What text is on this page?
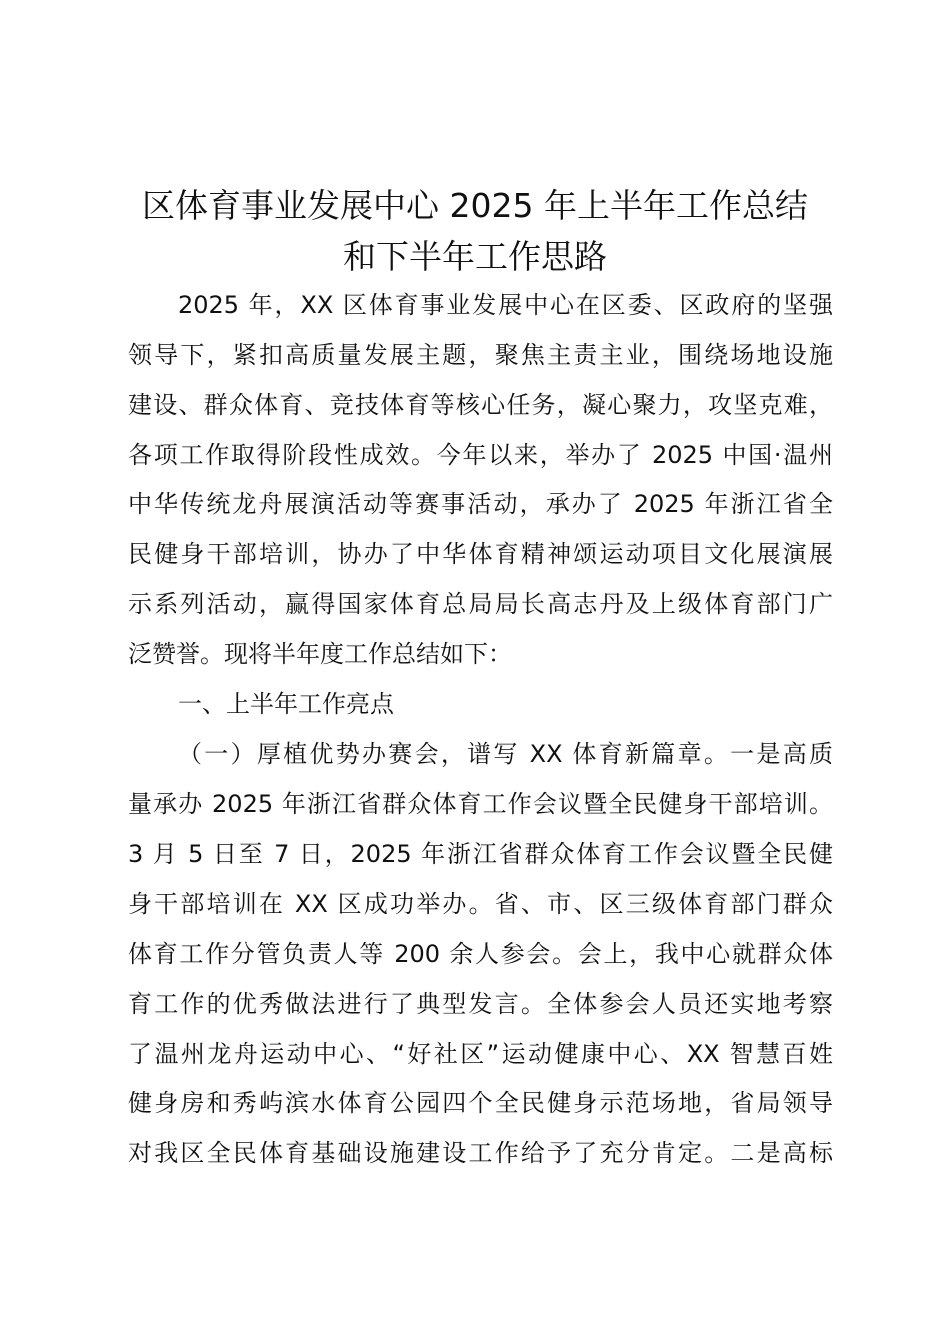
区体育事业发展中心 2025 年上半年工作总结
和下半年工作思路

2025 年，XX 区体育事业发展中心在区委、区政府的坚强

领导下，紧扣高质量发展主题，聚焦主责主业，围绕场地设施

建设、群众体育、竞技体育等核心任务，凝心聚力，攻坚克难，

各项工作取得阶段性成效。今年以来，举办了 2025 中国·温州

中华传统龙舟展演活动等赛事活动，承办了 2025 年浙江省全

民健身干部培训，协办了中华体育精神颂运动项目文化展演展

示系列活动，赢得国家体育总局局长高志丹及上级体育部门广

泛赞誉。现将半年度工作总结如下：

一、上半年工作亮点

（一）厚植优势办赛会，谱写 XX 体育新篇章。一是高质

量承办 2025 年浙江省群众体育工作会议暨全民健身干部培训。

3 月 5 日至 7 日，2025 年浙江省群众体育工作会议暨全民健

身干部培训在 XX 区成功举办。省、市、区三级体育部门群众

体育工作分管负责人等 200 余人参会。会上，我中心就群众体

育工作的优秀做法进行了典型发言。全体参会人员还实地考察

了温州龙舟运动中心、“好社区”运动健康中心、XX 智慧百姓

健身房和秀屿滨水体育公园四个全民健身示范场地，省局领导

对我区全民体育基础设施建设工作给予了充分肯定。二是高标
